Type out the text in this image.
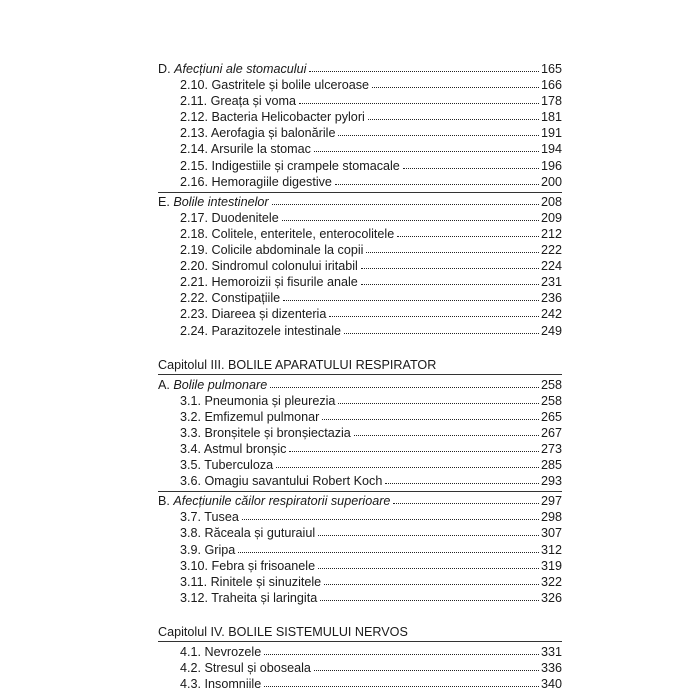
D. Afecțiuni ale stomacului	165
2.10. Gastritele și bolile ulceroase	166
2.11. Greața și voma	178
2.12. Bacteria Helicobacter pylori	181
2.13. Aerofagia și balonările	191
2.14. Arsurile la stomac	194
2.15. Indigestiile și crampele stomacale	196
2.16. Hemoragiile digestive	200
E. Bolile intestinelor	208
2.17. Duodenitele	209
2.18. Colitele, enteritele, enterocolitele	212
2.19. Colicile abdominale la copii	222
2.20. Sindromul colonului iritabil	224
2.21. Hemoroizii și fisurile anale	231
2.22. Constipațiile	236
2.23. Diareea și dizenteria	242
2.24. Parazitozele intestinale	249
Capitolul III. BOLILE APARATULUI RESPIRATOR
A. Bolile pulmonare	258
3.1. Pneumonia și pleurezia	258
3.2. Emfizemul pulmonar	265
3.3. Bronșitele și bronșiectazia	267
3.4. Astmul bronșic	273
3.5. Tuberculoza	285
3.6. Omagiu savantului Robert Koch	293
B. Afecțiunile căilor respiratorii superioare	297
3.7. Tusea	298
3.8. Răceala și guturaiul	307
3.9. Gripa	312
3.10. Febra și frisoanele	319
3.11. Rinitele și sinuzitele	322
3.12. Traheita și laringita	326
Capitolul IV. BOLILE SISTEMULUI NERVOS
4.1. Nevrozele	331
4.2. Stresul și oboseala	336
4.3. Insomniile	340
